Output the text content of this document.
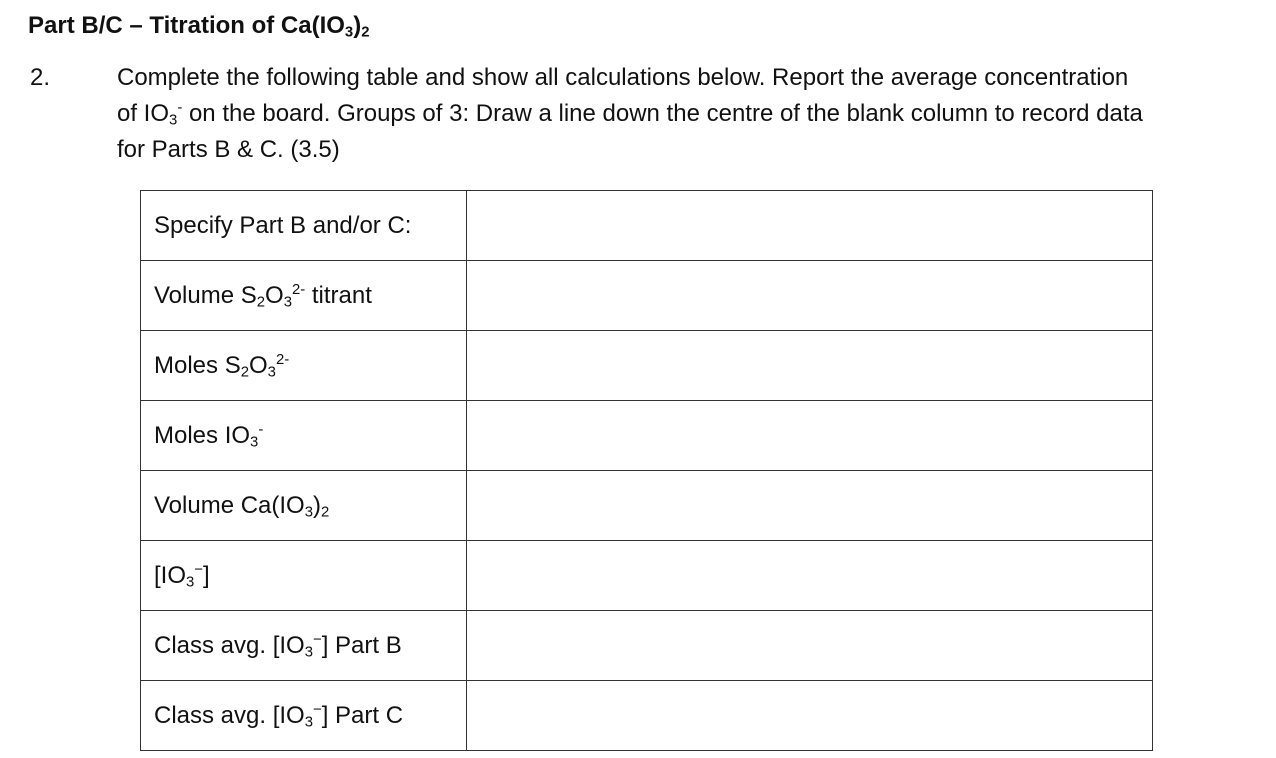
Part B/C – Titration of $Ca(IO_3)_2$
2.	Complete the following table and show all calculations below. Report the average concentration
of $IO_3^-$ on the board. Groups of 3: Draw a line down the centre of the blank column to record data
for Parts B & C. (3.5)
Specify Part B and/or C:	
Volume $S_2O_3^{2-}$ titrant	
Moles $S_2O_3^{2-}$	
Moles $IO_3^-$	
Volume $Ca(IO_3)_2$	
$[IO_3^-]$	
Class avg. $[IO_3^-]$ Part B	
Class avg. $[IO_3^-]$ Part C	
